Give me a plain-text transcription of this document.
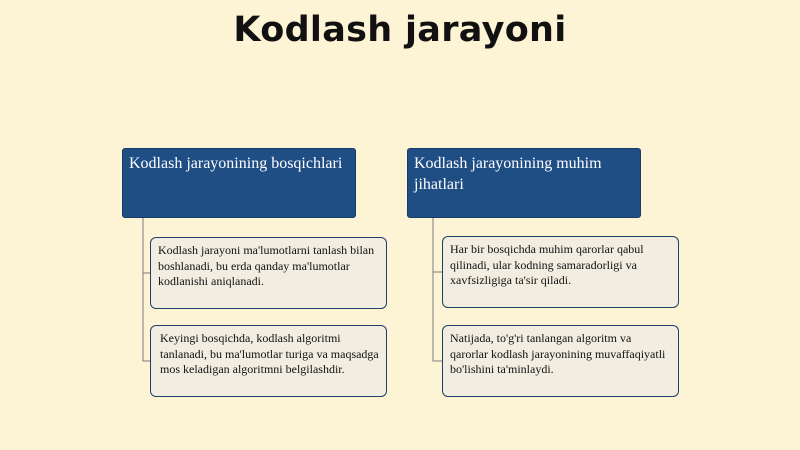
Kodlash jarayoni
Kodlash jarayonining bosqichlari	Kodlash jarayonining muhim jihatlari
Kodlash jarayoni ma'lumotlarni tanlash bilan boshlanadi, bu erda qanday ma'lumotlar kodlanishi aniqlanadi.
Keyingi bosqichda, kodlash algoritmi tanlanadi, bu ma'lumotlar turiga va maqsadga mos keladigan algoritmni belgilashdir.
Har bir bosqichda muhim qarorlar qabul qilinadi, ular kodning samaradorligi va xavfsizligiga ta'sir qiladi.
Natijada, to'g'ri tanlangan algoritm va qarorlar kodlash jarayonining muvaffaqiyatli bo'lishini ta'minlaydi.
